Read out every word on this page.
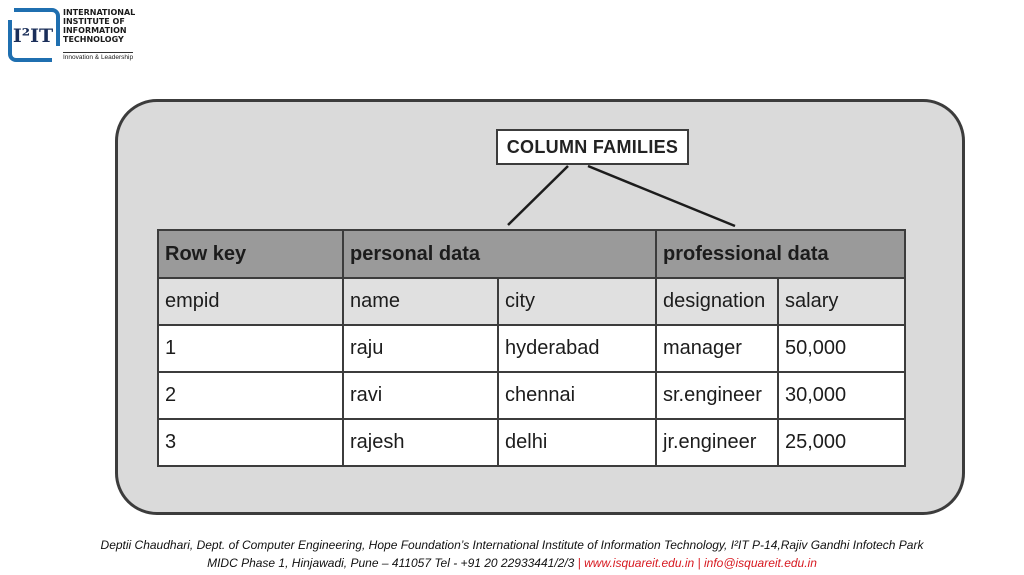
I²IT
INTERNATIONAL
INSTITUTE OF
INFORMATION
TECHNOLOGY
Innovation & Leadership
COLUMN FAMILIES
Row key	personal data		professional data	
empid	name	city	designation	salary
1	raju	hyderabad	manager	50,000
2	ravi	chennai	sr.engineer	30,000
3	rajesh	delhi	jr.engineer	25,000
Deptii Chaudhari, Dept. of Computer Engineering, Hope Foundation’s International Institute of Information Technology, I²IT P-14,Rajiv Gandhi Infotech Park
MIDC Phase 1, Hinjawadi, Pune – 411057 Tel - +91 20 22933441/2/3 | www.isquareit.edu.in | info@isquareit.edu.in
